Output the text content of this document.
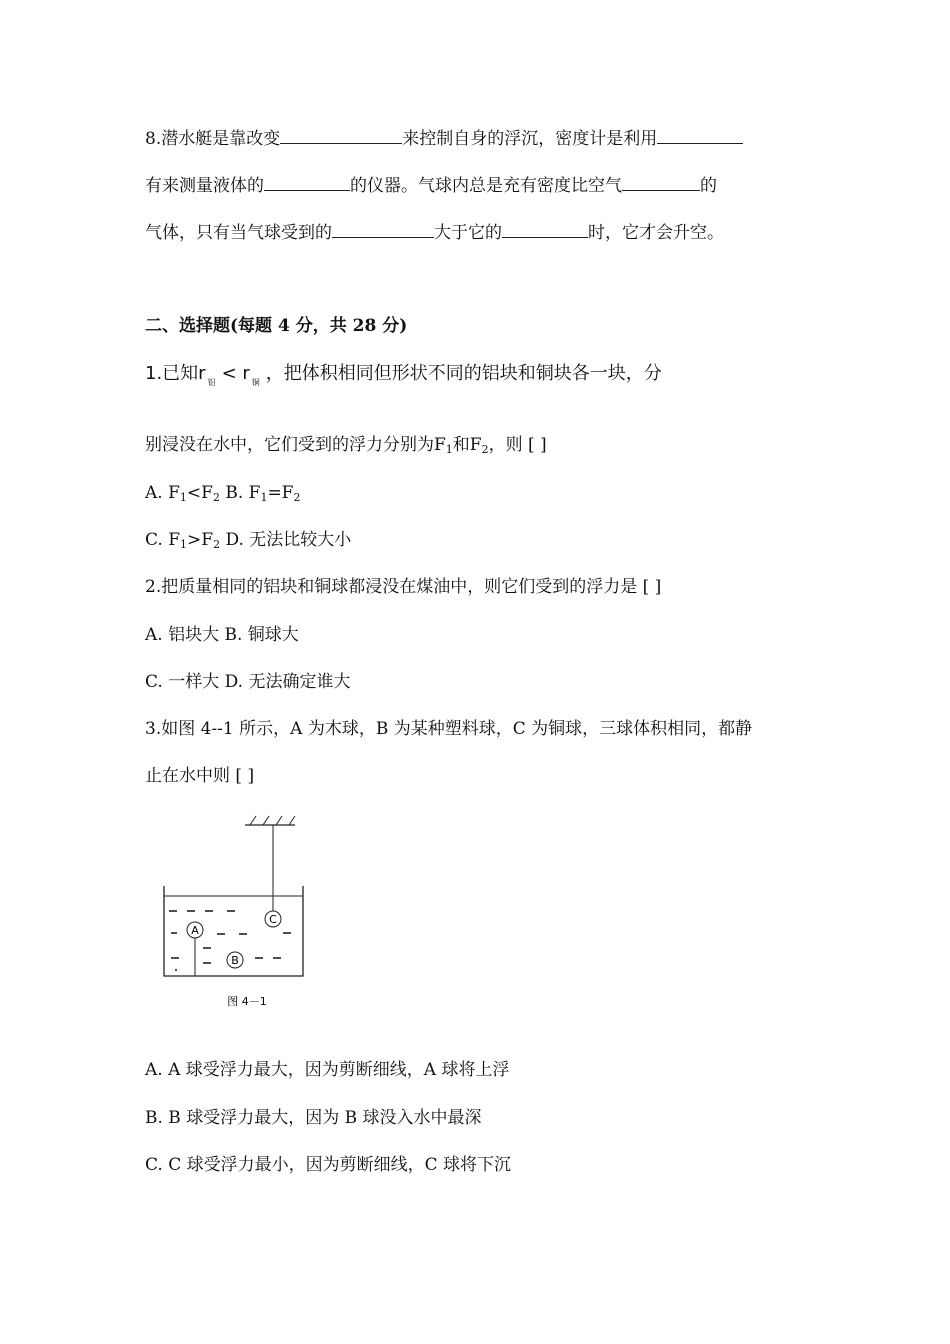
8.潜水艇是靠改变	来控制自身的浮沉，密度计是利用
有来测量液体的	的仪器。气球内总是充有密度比空气	的
气体，只有当气球受到的	大于它的	时，它才会升空。
二、选择题(每题 4 分，共 28 分)
1.已知r $_铝$ < r $_铜$ ，把体积相同但形状不同的铝块和铜块各一块，分
别浸没在水中，它们受到的浮力分别为$F_1$和$F_2$，则 [ ]
A. $F_1<F_2$ B. $F_1=F_2$
C. $F_1>F_2$ D. 无法比较大小
2.把质量相同的铝块和铜球都浸没在煤油中，则它们受到的浮力是 [ ]
A. 铝块大 B. 铜球大
C. 一样大 D. 无法确定谁大
3.如图 4--1 所示，A 为木球，B 为某种塑料球，C 为铜球，三球体积相同，都静
止在水中则 [ ]
A
B
C
图 4－1
A. A 球受浮力最大，因为剪断细线，A 球将上浮
B. B 球受浮力最大，因为 B 球没入水中最深
C. C 球受浮力最小，因为剪断细线，C 球将下沉
